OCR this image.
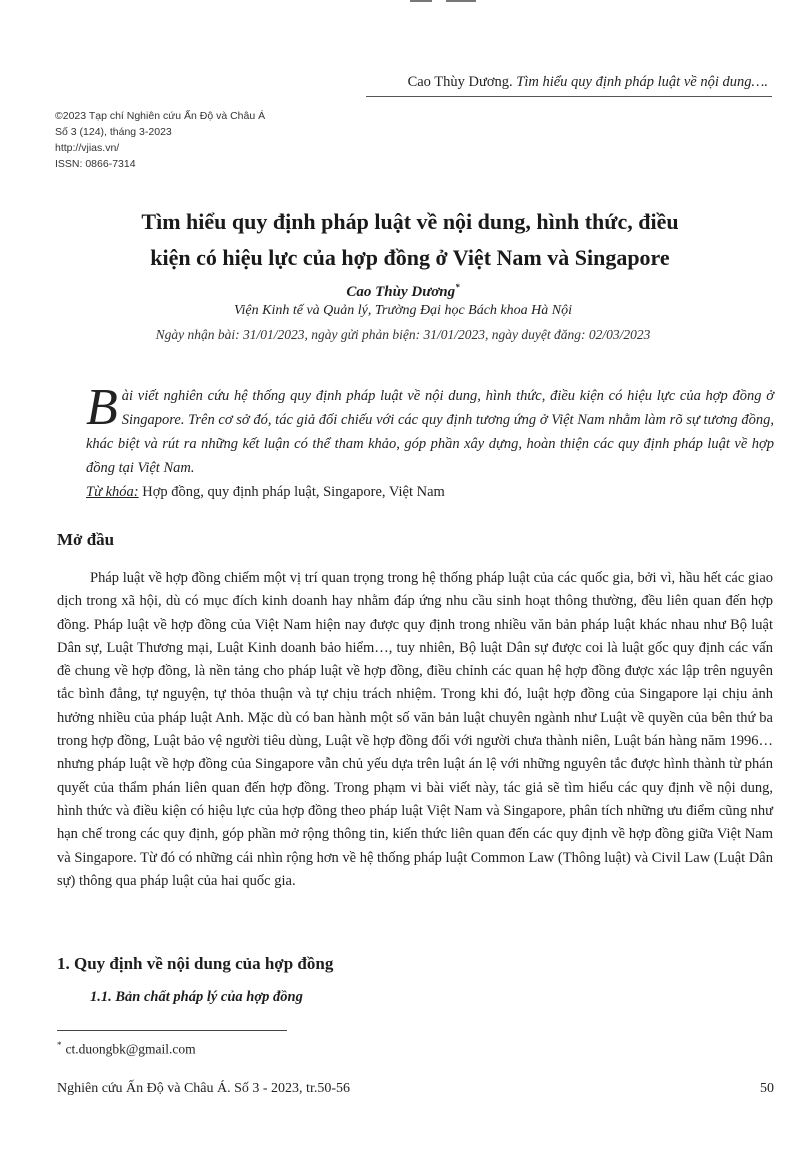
Cao Thùy Dương. Tìm hiểu quy định pháp luật về nội dung….
©2023 Tạp chí Nghiên cứu Ấn Độ và Châu Á
Số 3 (124), tháng 3-2023
http://vjias.vn/
ISSN: 0866-7314
Tìm hiểu quy định pháp luật về nội dung, hình thức, điều
kiện có hiệu lực của hợp đồng ở Việt Nam và Singapore
Cao Thùy Dương*
Viện Kinh tế và Quản lý, Trường Đại học Bách khoa Hà Nội
Ngày nhận bài: 31/01/2023, ngày gửi phản biện: 31/01/2023, ngày duyệt đăng: 02/03/2023
B ài viết nghiên cứu hệ thống quy định pháp luật về nội dung, hình thức, điều kiện có hiệu lực của hợp đồng ở Singapore. Trên cơ sở đó, tác giả đối chiếu với các quy định tương ứng ở Việt Nam nhằm làm rõ sự tương đồng, khác biệt và rút ra những kết luận có thể tham khảo, góp phần xây dựng, hoàn thiện các quy định pháp luật về hợp đồng tại Việt Nam.
Từ khóa: Hợp đồng, quy định pháp luật, Singapore, Việt Nam
Mở đầu

Pháp luật về hợp đồng chiếm một vị trí quan trọng trong hệ thống pháp luật của các quốc gia, bởi vì, hầu hết các giao dịch trong xã hội, dù có mục đích kinh doanh hay nhằm đáp ứng nhu cầu sinh hoạt thông thường, đều liên quan đến hợp đồng. Pháp luật về hợp đồng của Việt Nam hiện nay được quy định trong nhiều văn bản pháp luật khác nhau như Bộ luật Dân sự, Luật Thương mại, Luật Kinh doanh bảo hiểm…, tuy nhiên, Bộ luật Dân sự được coi là luật gốc quy định các vấn đề chung về hợp đồng, là nền tảng cho pháp luật về hợp đồng, điều chỉnh các quan hệ hợp đồng được xác lập trên nguyên tắc bình đẳng, tự nguyện, tự thỏa thuận và tự chịu trách nhiệm. Trong khi đó, luật hợp đồng của Singapore lại chịu ảnh hưởng nhiều của pháp luật Anh. Mặc dù có ban hành một số văn bản luật chuyên ngành như Luật về quyền của bên thứ ba trong hợp đồng, Luật bảo vệ người tiêu dùng, Luật về hợp đồng đối với người chưa thành niên, Luật bán hàng năm 1996… nhưng pháp luật về hợp đồng của Singapore vẫn chủ yếu dựa trên luật án lệ với những nguyên tắc được hình thành từ phán quyết của thẩm phán liên quan đến hợp đồng. Trong phạm vi bài viết này, tác giả sẽ tìm hiểu các quy định về nội dung, hình thức và điều kiện có hiệu lực của hợp đồng theo pháp luật Việt Nam và Singapore, phân tích những ưu điểm cũng như hạn chế trong các quy định, góp phần mở rộng thông tin, kiến thức liên quan đến các quy định về hợp đồng giữa Việt Nam và Singapore. Từ đó có những cái nhìn rộng hơn về hệ thống pháp luật Common Law (Thông luật) và Civil Law (Luật Dân sự) thông qua pháp luật của hai quốc gia.

1. Quy định về nội dung của hợp đồng
1.1. Bản chất pháp lý của hợp đồng
* ct.duongbk@gmail.com
Nghiên cứu Ấn Độ và Châu Á. Số 3 - 2023, tr.50-56	50
